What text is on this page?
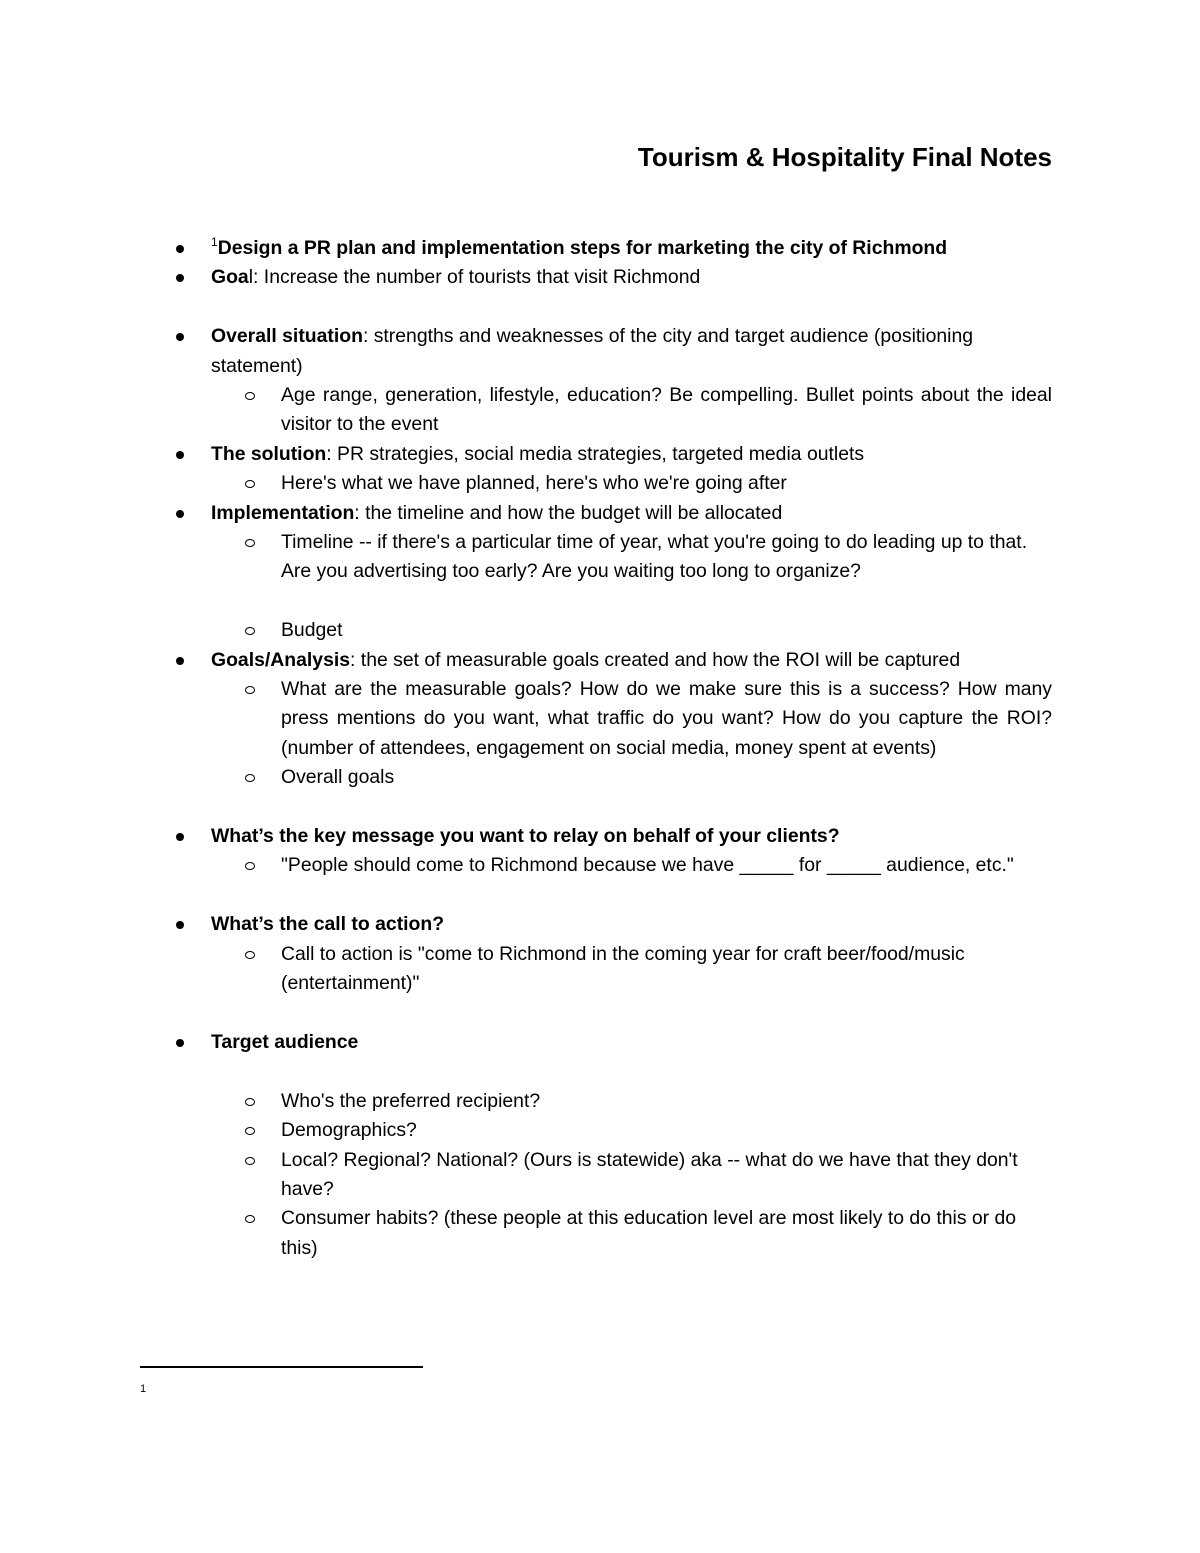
Tourism & Hospitality Final Notes
$^1$Design a PR plan and implementation steps for marketing the city of Richmond
Goal: Increase the number of tourists that visit Richmond
Overall situation: strengths and weaknesses of the city and target audience (positioning statement)
Age range, generation, lifestyle, education? Be compelling. Bullet points about the ideal visitor to the event
The solution: PR strategies, social media strategies, targeted media outlets
Here's what we have planned, here's who we're going after
Implementation: the timeline and how the budget will be allocated
Timeline -- if there's a particular time of year, what you're going to do leading up to that. Are you advertising too early? Are you waiting too long to organize?
Budget
Goals/Analysis: the set of measurable goals created and how the ROI will be captured
What are the measurable goals? How do we make sure this is a success? How many press mentions do you want, what traffic do you want? How do you capture the ROI? (number of attendees, engagement on social media, money spent at events)
Overall goals
What’s the key message you want to relay on behalf of your clients?
"People should come to Richmond because we have _____ for _____ audience, etc."
What’s the call to action?
Call to action is "come to Richmond in the coming year for craft beer/food/music (entertainment)"
Target audience
Who's the preferred recipient?
Demographics?
Local? Regional? National? (Ours is statewide) aka -- what do we have that they don't have?
Consumer habits? (these people at this education level are most likely to do this or do this)
1
